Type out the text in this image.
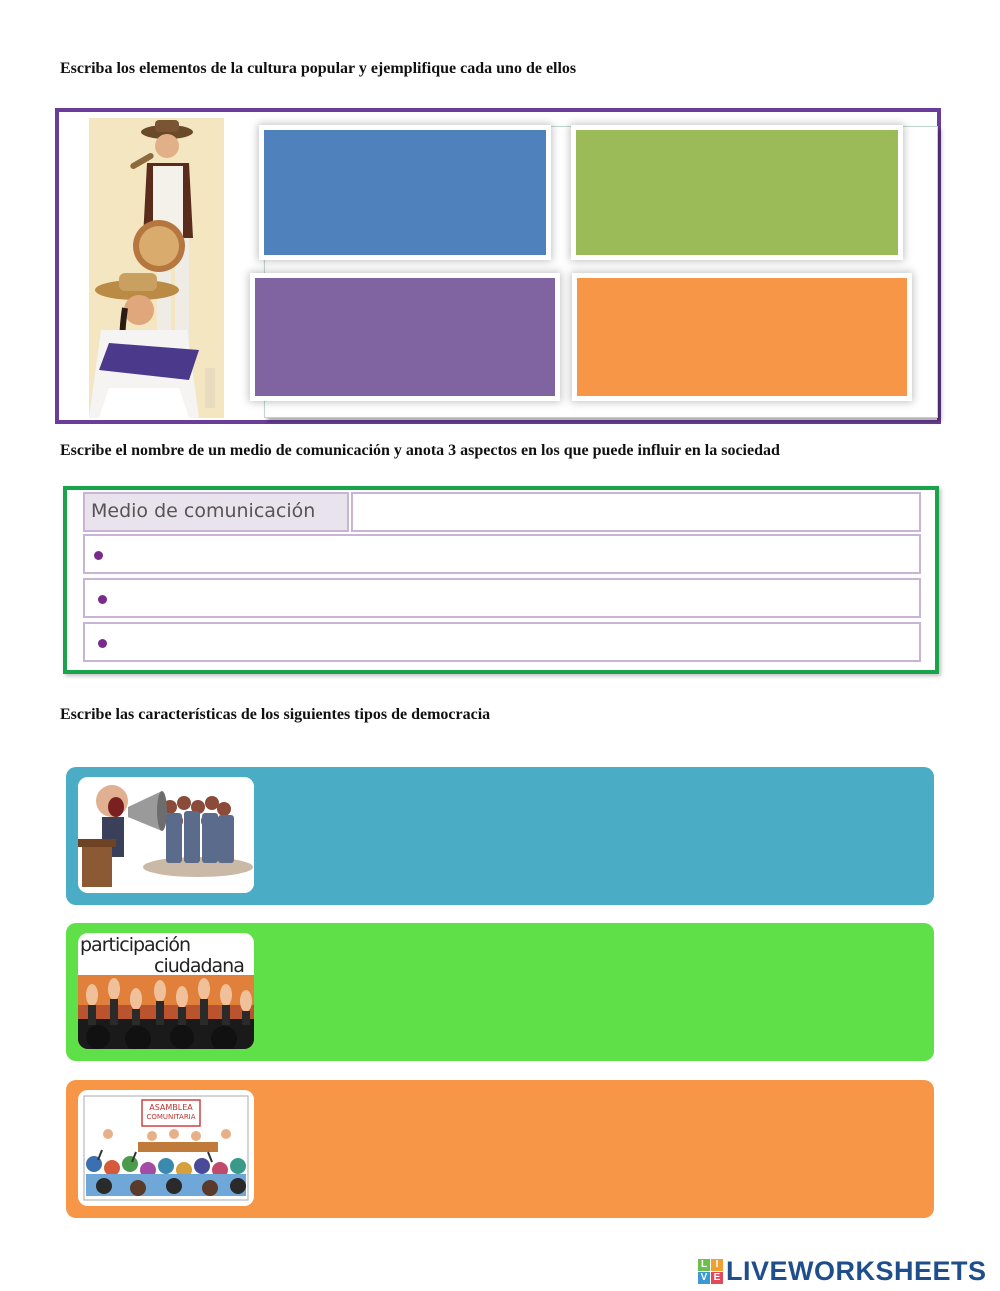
Escriba los elementos de la cultura popular y ejemplifique cada uno de ellos
Escribe el nombre de un medio de comunicación y anota 3 aspectos en los que puede influir en la sociedad
Medio de comunicación
Escribe las características de los siguientes tipos de democracia
participación
ciudadana
ASAMBLEA
COMUNITARIA
L I
V E LIVEWORKSHEETS
